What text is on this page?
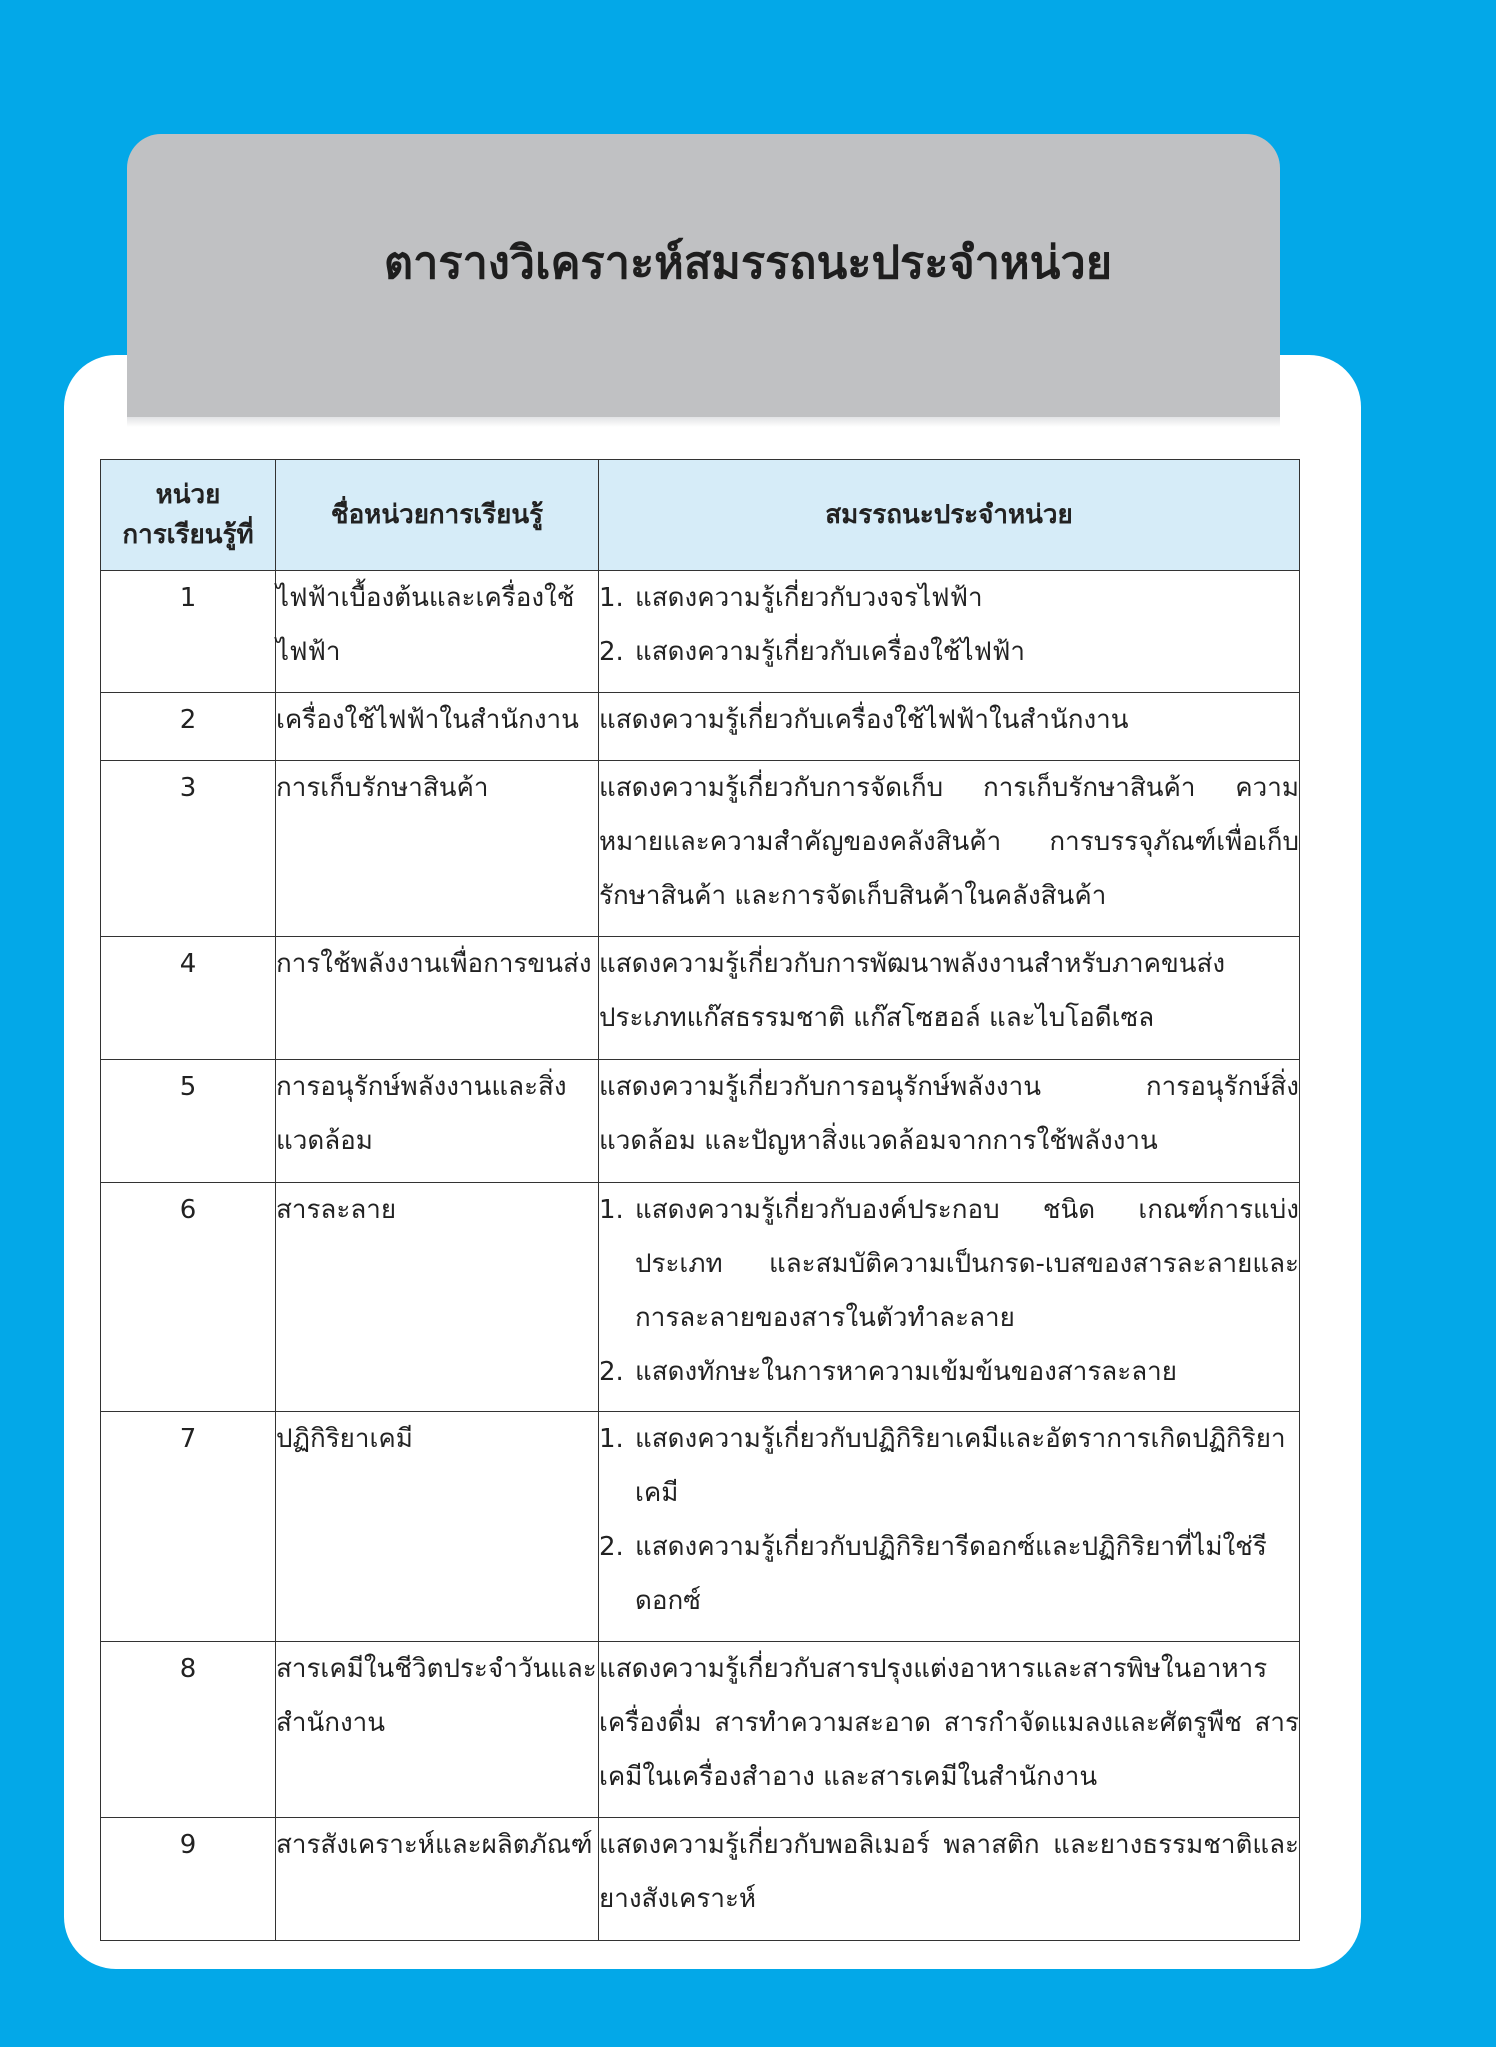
ตารางวิเคราะห์สมรรถนะประจำหน่วย
หน่วย
การเรียนรู้ที่	ชื่อหน่วยการเรียนรู้	สมรรถนะประจำหน่วย
1	ไฟฟ้าเบื้องต้นและเครื่องใช้ไฟฟ้า	1. แสดงความรู้เกี่ยวกับวงจรไฟฟ้า
2. แสดงความรู้เกี่ยวกับเครื่องใช้ไฟฟ้า

2	เครื่องใช้ไฟฟ้าในสำนักงาน	แสดงความรู้เกี่ยวกับเครื่องใช้ไฟฟ้าในสำนักงาน

3	การเก็บรักษาสินค้า	แสดงความรู้เกี่ยวกับการจัดเก็บ การเก็บรักษาสินค้า ความหมายและความสำคัญของคลังสินค้า การบรรจุภัณฑ์เพื่อเก็บรักษาสินค้า และการจัดเก็บสินค้าในคลังสินค้า

4	การใช้พลังงานเพื่อการขนส่ง	แสดงความรู้เกี่ยวกับการพัฒนาพลังงานสำหรับภาคขนส่งประเภทแก๊สธรรมชาติ แก๊สโซฮอล์ และไบโอดีเซล

5	การอนุรักษ์พลังงานและสิ่งแวดล้อม	แสดงความรู้เกี่ยวกับการอนุรักษ์พลังงาน การอนุรักษ์สิ่งแวดล้อม และปัญหาสิ่งแวดล้อมจากการใช้พลังงาน

6	สารละลาย	1. แสดงความรู้เกี่ยวกับองค์ประกอบ ชนิด เกณฑ์การแบ่งประเภท และสมบัติความเป็นกรด-เบสของสารละลายและการละลายของสารในตัวทำละลาย
2. แสดงทักษะในการหาความเข้มข้นของสารละลาย

7	ปฏิกิริยาเคมี	1. แสดงความรู้เกี่ยวกับปฏิกิริยาเคมีและอัตราการเกิดปฏิกิริยาเคมี
2. แสดงความรู้เกี่ยวกับปฏิกิริยารีดอกซ์และปฏิกิริยาที่ไม่ใช่รีดอกซ์

8	สารเคมีในชีวิตประจำวันและสำนักงาน	แสดงความรู้เกี่ยวกับสารปรุงแต่งอาหารและสารพิษในอาหาร เครื่องดื่ม สารทำความสะอาด สารกำจัดแมลงและศัตรูพืช สารเคมีในเครื่องสำอาง และสารเคมีในสำนักงาน

9	สารสังเคราะห์และผลิตภัณฑ์	แสดงความรู้เกี่ยวกับพอลิเมอร์ พลาสติก และยางธรรมชาติและยางสังเคราะห์
